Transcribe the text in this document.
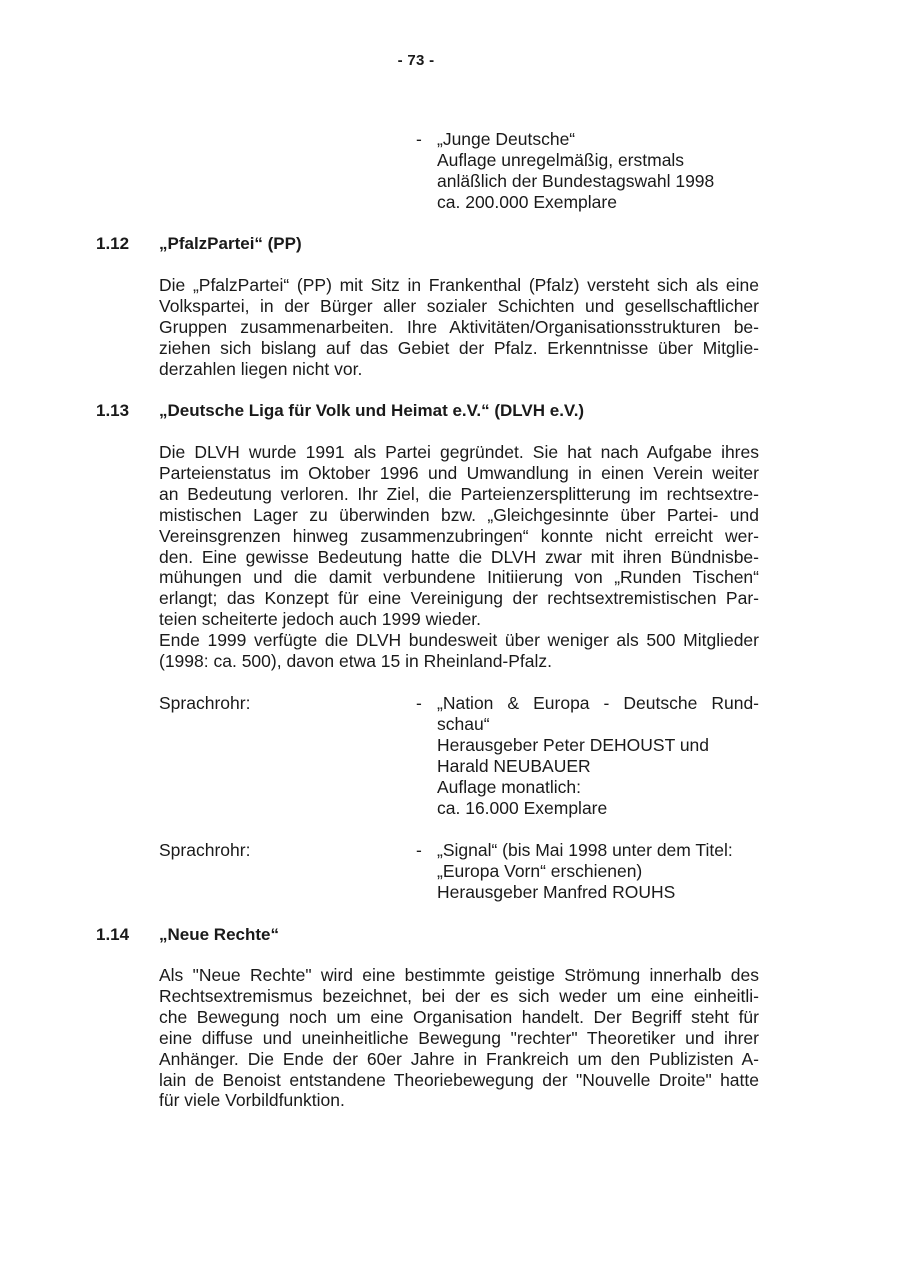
- 73 -
- „Junge Deutsche“
Auflage unregelmäßig, erstmals
anläßlich der Bundestagswahl 1998
ca. 200.000 Exemplare
1.12 „PfalzPartei“ (PP)
Die „PfalzPartei“ (PP) mit Sitz in Frankenthal (Pfalz) versteht sich als eine
Volkspartei, in der Bürger aller sozialer Schichten und gesellschaftlicher
Gruppen zusammenarbeiten. Ihre Aktivitäten/Organisationsstrukturen be-
ziehen sich bislang auf das Gebiet der Pfalz. Erkenntnisse über Mitglie-
derzahlen liegen nicht vor.
1.13 „Deutsche Liga für Volk und Heimat e.V.“ (DLVH e.V.)
Die DLVH wurde 1991 als Partei gegründet. Sie hat nach Aufgabe ihres
Parteienstatus im Oktober 1996 und Umwandlung in einen Verein weiter
an Bedeutung verloren. Ihr Ziel, die Parteienzersplitterung im rechtsextre-
mistischen Lager zu überwinden bzw. „Gleichgesinnte über Partei- und
Vereinsgrenzen hinweg zusammenzubringen“ konnte nicht erreicht wer-
den. Eine gewisse Bedeutung hatte die DLVH zwar mit ihren Bündnisbe-
mühungen und die damit verbundene Initiierung von „Runden Tischen“
erlangt; das Konzept für eine Vereinigung der rechtsextremistischen Par-
teien scheiterte jedoch auch 1999 wieder.
Ende 1999 verfügte die DLVH bundesweit über weniger als 500 Mitglieder
(1998: ca. 500), davon etwa 15 in Rheinland-Pfalz.
Sprachrohr:	- „Nation & Europa - Deutsche Rund-
schau“
Herausgeber Peter DEHOUST und
Harald NEUBAUER
Auflage monatlich:
ca. 16.000 Exemplare
Sprachrohr:	- „Signal“ (bis Mai 1998 unter dem Titel:
„Europa Vorn“ erschienen)
Herausgeber Manfred ROUHS
1.14 „Neue Rechte“
Als "Neue Rechte" wird eine bestimmte geistige Strömung innerhalb des
Rechtsextremismus bezeichnet, bei der es sich weder um eine einheitli-
che Bewegung noch um eine Organisation handelt. Der Begriff steht für
eine diffuse und uneinheitliche Bewegung "rechter" Theoretiker und ihrer
Anhänger. Die Ende der 60er Jahre in Frankreich um den Publizisten A-
lain de Benoist entstandene Theoriebewegung der "Nouvelle Droite" hatte
für viele Vorbildfunktion.
